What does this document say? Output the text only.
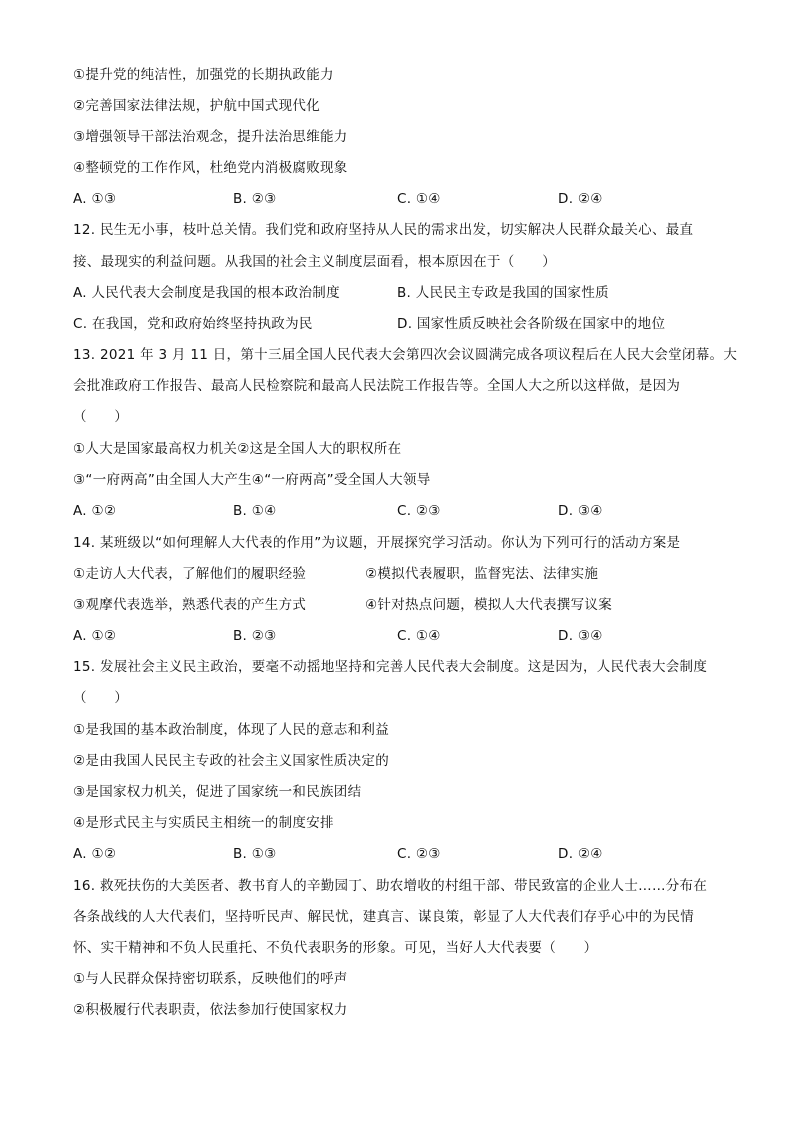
①提升党的纯洁性，加强党的长期执政能力
②完善国家法律法规，护航中国式现代化
③增强领导干部法治观念，提升法治思维能力
④整顿党的工作作风，杜绝党内消极腐败现象
A. ①③	B. ②③	C. ①④	D. ②④
12. 民生无小事，枝叶总关情。我们党和政府坚持从人民的需求出发，切实解决人民群众最关心、最直
接、最现实的利益问题。从我国的社会主义制度层面看，根本原因在于（　　）
A. 人民代表大会制度是我国的根本政治制度	B. 人民民主专政是我国的国家性质
C. 在我国，党和政府始终坚持执政为民	D. 国家性质反映社会各阶级在国家中的地位
13. 2021 年 3 月 11 日，第十三届全国人民代表大会第四次会议圆满完成各项议程后在人民大会堂闭幕。大
会批准政府工作报告、最高人民检察院和最高人民法院工作报告等。全国人大之所以这样做，是因为
（　　）
①人大是国家最高权力机关②这是全国人大的职权所在
③“一府两高”由全国人大产生④“一府两高”受全国人大领导
A. ①②	B. ①④	C. ②③	D. ③④
14. 某班级以“如何理解人大代表的作用”为议题，开展探究学习活动。你认为下列可行的活动方案是
①走访人大代表，了解他们的履职经验	②模拟代表履职，监督宪法、法律实施
③观摩代表选举，熟悉代表的产生方式	④针对热点问题，模拟人大代表撰写议案
A. ①②	B. ②③	C. ①④	D. ③④
15. 发展社会主义民主政治，要毫不动摇地坚持和完善人民代表大会制度。这是因为，人民代表大会制度
（　　）
①是我国的基本政治制度，体现了人民的意志和利益
②是由我国人民民主专政的社会主义国家性质决定的
③是国家权力机关，促进了国家统一和民族团结
④是形式民主与实质民主相统一的制度安排
A. ①②	B. ①③	C. ②③	D. ②④
16. 救死扶伤的大美医者、教书育人的辛勤园丁、助农增收的村组干部、带民致富的企业人士……分布在
各条战线的人大代表们，坚持听民声、解民忧，建真言、谋良策，彰显了人大代表们存乎心中的为民情
怀、实干精神和不负人民重托、不负代表职务的形象。可见，当好人大代表要（　　）
①与人民群众保持密切联系，反映他们的呼声
②积极履行代表职责，依法参加行使国家权力
